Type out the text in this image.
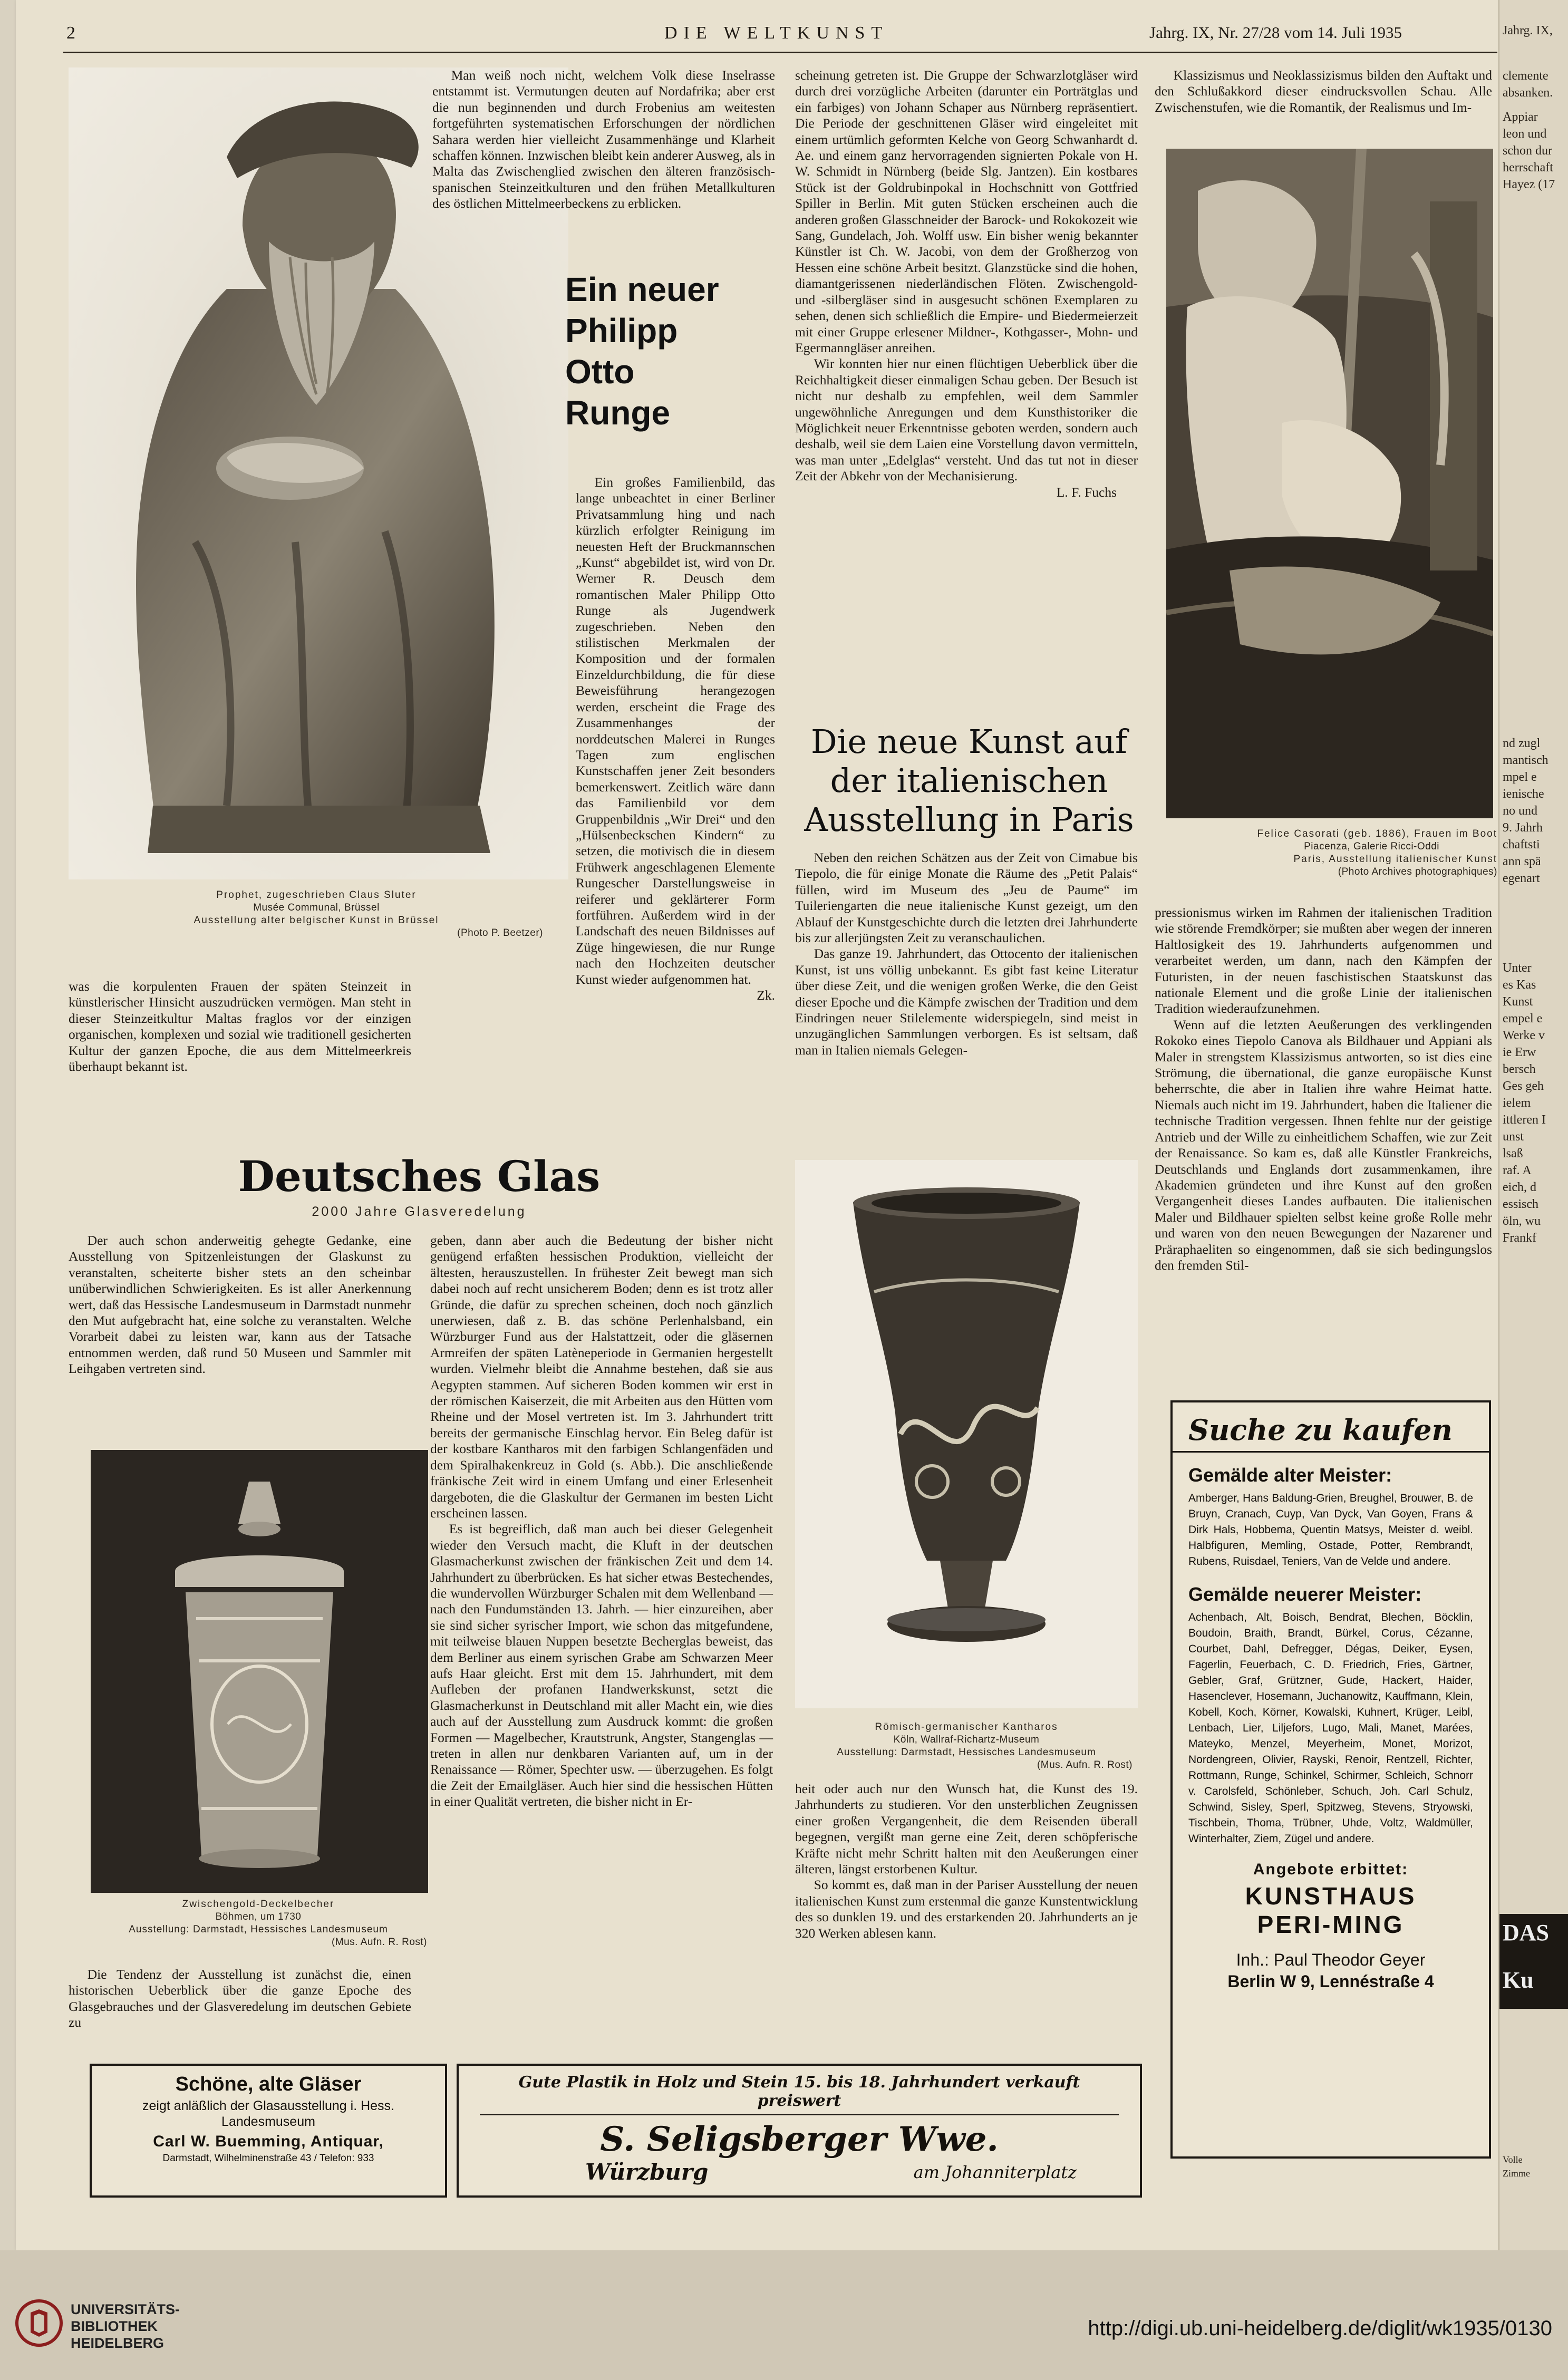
2	DIE WELTKUNST	Jahrg. IX, Nr. 27/28 vom 14. Juli 1935
Prophet, zugeschrieben Claus Sluter
Musée Communal, Brüssel
Ausstellung alter belgischer Kunst in Brüssel
(Photo P. Beetzer)

Man weiß noch nicht, welchem Volk diese Inselrasse entstammt ist. Vermutungen deuten auf Nordafrika; aber erst die nun beginnenden und durch Frobenius am weitesten fortgeführten systematischen Erforschungen der nördlichen Sahara werden hier vielleicht Zusammenhänge und Klarheit schaffen können. Inzwischen bleibt kein anderer Ausweg, als in Malta das Zwischenglied zwischen den älteren französisch-spanischen Steinzeitkulturen und den frühen Metallkulturen des östlichen Mittelmeerbeckens zu erblicken.

Ein neuer
Philipp
Otto
Runge

Ein großes Familienbild, das lange unbeachtet in einer Berliner Privatsammlung hing und nach kürzlich erfolgter Reinigung im neuesten Heft der Bruckmannschen „Kunst“ abgebildet ist, wird von Dr. Werner R. Deusch dem romantischen Maler Philipp Otto Runge als Jugendwerk zugeschrieben. Neben den stilistischen Merkmalen der Komposition und der formalen Einzeldurchbildung, die für diese Beweisführung herangezogen werden, erscheint die Frage des Zusammenhanges der norddeutschen Malerei in Runges Tagen zum englischen Kunstschaffen jener Zeit besonders bemerkenswert. Zeitlich wäre dann das Familienbild vor dem Gruppenbildnis „Wir Drei“ und den „Hülsenbeckschen Kindern“ zu setzen, die motivisch die in diesem Frühwerk angeschlagenen Elemente Rungescher Darstellungsweise in reiferer und geklärterer Form fortführen. Außerdem wird in der Landschaft des neuen Bildnisses auf Züge hingewiesen, die nur Runge nach den Hochzeiten deutscher Kunst wieder aufgenommen hat.

Zk.

was die korpulenten Frauen der späten Steinzeit in künstlerischer Hinsicht auszudrücken vermögen. Man steht in dieser Steinzeitkultur Maltas fraglos vor der einzigen organischen, komplexen und sozial wie traditionell gesicherten Kultur der ganzen Epoche, die aus dem Mittelmeerkreis überhaupt bekannt ist.

scheinung getreten ist. Die Gruppe der Schwarzlotgläser wird durch drei vorzügliche Arbeiten (darunter ein Porträtglas und ein farbiges) von Johann Schaper aus Nürnberg repräsentiert. Die Periode der geschnittenen Gläser wird eingeleitet mit einem urtümlich geformten Kelche von Georg Schwanhardt d. Ae. und einem ganz hervorragenden signierten Pokale von H. W. Schmidt in Nürnberg (beide Slg. Jantzen). Ein kostbares Stück ist der Goldrubinpokal in Hochschnitt von Gottfried Spiller in Berlin. Mit guten Stücken erscheinen auch die anderen großen Glasschneider der Barock- und Rokokozeit wie Sang, Gundelach, Joh. Wolff usw. Ein bisher wenig bekannter Künstler ist Ch. W. Jacobi, von dem der Großherzog von Hessen eine schöne Arbeit besitzt. Glanzstücke sind die hohen, diamantgerissenen niederländischen Flöten. Zwischengold- und -silbergläser sind in ausgesucht schönen Exemplaren zu sehen, denen sich schließlich die Empire- und Biedermeierzeit mit einer Gruppe erlesener Mildner-, Kothgasser-, Mohn- und Egermanngläser anreihen.

Wir konnten hier nur einen flüchtigen Ueberblick über die Reichhaltigkeit dieser einmaligen Schau geben. Der Besuch ist nicht nur deshalb zu empfehlen, weil dem Sammler ungewöhnliche Anregungen und dem Kunsthistoriker die Möglichkeit neuer Erkenntnisse geboten werden, sondern auch deshalb, weil sie dem Laien eine Vorstellung davon vermitteln, was man unter „Edelglas“ versteht. Und das tut not in dieser Zeit der Abkehr von der Mechanisierung.

L. F. Fuchs

Die neue Kunst auf
der italienischen
Ausstellung in Paris

Neben den reichen Schätzen aus der Zeit von Cimabue bis Tiepolo, die für einige Monate die Räume des „Petit Palais“ füllen, wird im Museum des „Jeu de Paume“ im Tuileriengarten die neue italienische Kunst gezeigt, um den Ablauf der Kunstgeschichte durch die letzten drei Jahrhunderte bis zur allerjüngsten Zeit zu veranschaulichen.

Das ganze 19. Jahrhundert, das Ottocento der italienischen Kunst, ist uns völlig unbekannt. Es gibt fast keine Literatur über diese Zeit, und die wenigen großen Werke, die den Geist dieser Epoche und die Kämpfe zwischen der Tradition und dem Eindringen neuer Stilelemente widerspiegeln, sind meist in unzugänglichen Sammlungen verborgen. Es ist seltsam, daß man in Italien niemals Gelegen-

Klassizismus und Neoklassizismus bilden den Auftakt und den Schlußakkord dieser eindrucksvollen Schau. Alle Zwischenstufen, wie die Romantik, der Realismus und Im-

Felice Casorati (geb. 1886), Frauen im Boot
Piacenza, Galerie Ricci-Oddi
Paris, Ausstellung italienischer Kunst
(Photo Archives photographiques)

pressionismus wirken im Rahmen der italienischen Tradition wie störende Fremdkörper; sie mußten aber wegen der inneren Haltlosigkeit des 19. Jahrhunderts aufgenommen und verarbeitet werden, um dann, nach den Kämpfen der Futuristen, in der neuen faschistischen Staatskunst das nationale Element und die große Linie der italienischen Tradition wiederaufzunehmen.

Wenn auf die letzten Aeußerungen des verklingenden Rokoko eines Tiepolo Canova als Bildhauer und Appiani als Maler in strengstem Klassizismus antworten, so ist dies eine Strömung, die übernational, die ganze europäische Kunst beherrschte, die aber in Italien ihre wahre Heimat hatte. Niemals auch nicht im 19. Jahrhundert, haben die Italiener die technische Tradition vergessen. Ihnen fehlte nur der geistige Antrieb und der Wille zu einheitlichem Schaffen, wie zur Zeit der Renaissance. So kam es, daß alle Künstler Frankreichs, Deutschlands und Englands dort zusammenkamen, ihre Akademien gründeten und ihre Kunst auf den großen Vergangenheit dieses Landes aufbauten. Die italienischen Maler und Bildhauer spielten selbst keine große Rolle mehr und waren von den neuen Bewegungen der Nazarener und Präraphaeliten so eingenommen, daß sie sich bedingungslos den fremden Stil-

Deutsches Glas
2000 Jahre Glasveredelung

Der auch schon anderweitig gehegte Gedanke, eine Ausstellung von Spitzenleistungen der Glaskunst zu veranstalten, scheiterte bisher stets an den scheinbar unüberwindlichen Schwierigkeiten. Es ist aller Anerkennung wert, daß das Hessische Landesmuseum in Darmstadt nunmehr den Mut aufgebracht hat, eine solche zu veranstalten. Welche Vorarbeit dabei zu leisten war, kann aus der Tatsache entnommen werden, daß rund 50 Museen und Sammler mit Leihgaben vertreten sind.

Zwischengold-Deckelbecher
Böhmen, um 1730
Ausstellung: Darmstadt, Hessisches Landesmuseum
(Mus. Aufn. R. Rost)

Die Tendenz der Ausstellung ist zunächst die, einen historischen Ueberblick über die ganze Epoche des Glasgebrauches und der Glasveredelung im deutschen Gebiete zu

geben, dann aber auch die Bedeutung der bisher nicht genügend erfaßten hessischen Produktion, vielleicht der ältesten, herauszustellen. In frühester Zeit bewegt man sich dabei noch auf recht unsicherem Boden; denn es ist trotz aller Gründe, die dafür zu sprechen scheinen, doch noch gänzlich unerwiesen, daß z. B. das schöne Perlenhalsband, ein Würzburger Fund aus der Halstattzeit, oder die gläsernen Armreifen der späten Latèneperiode in Germanien hergestellt wurden. Vielmehr bleibt die Annahme bestehen, daß sie aus Aegypten stammen. Auf sicheren Boden kommen wir erst in der römischen Kaiserzeit, die mit Arbeiten aus den Hütten vom Rheine und der Mosel vertreten ist. Im 3. Jahrhundert tritt bereits der germanische Einschlag hervor. Ein Beleg dafür ist der kostbare Kantharos mit den farbigen Schlangenfäden und dem Spiralhakenkreuz in Gold (s. Abb.). Die anschließende fränkische Zeit wird in einem Umfang und einer Erlesenheit dargeboten, die die Glaskultur der Germanen im besten Licht erscheinen lassen.

Es ist begreiflich, daß man auch bei dieser Gelegenheit wieder den Versuch macht, die Kluft in der deutschen Glasmacherkunst zwischen der fränkischen Zeit und dem 14. Jahrhundert zu überbrücken. Es hat sicher etwas Bestechendes, die wundervollen Würzburger Schalen mit dem Wellenband — nach den Fundumständen 13. Jahrh. — hier einzureihen, aber sie sind sicher syrischer Import, wie schon das mitgefundene, mit teilweise blauen Nuppen besetzte Becherglas beweist, das dem Berliner aus einem syrischen Grabe am Schwarzen Meer aufs Haar gleicht. Erst mit dem 15. Jahrhundert, mit dem Aufleben der profanen Handwerkskunst, setzt die Glasmacherkunst in Deutschland mit aller Macht ein, wie dies auch auf der Ausstellung zum Ausdruck kommt: die großen Formen — Magelbecher, Krautstrunk, Angster, Stangenglas — treten in allen nur denkbaren Varianten auf, um in der Renaissance — Römer, Spechter usw. — überzugehen. Es folgt die Zeit der Emailgläser. Auch hier sind die hessischen Hütten in einer Qualität vertreten, die bisher nicht in Er-

Römisch-germanischer Kantharos
Köln, Wallraf-Richartz-Museum
Ausstellung: Darmstadt, Hessisches Landesmuseum
(Mus. Aufn. R. Rost)

heit oder auch nur den Wunsch hat, die Kunst des 19. Jahrhunderts zu studieren. Vor den unsterblichen Zeugnissen einer großen Vergangenheit, die dem Reisenden überall begegnen, vergißt man gerne eine Zeit, deren schöpferische Kräfte nicht mehr Schritt halten mit den Aeußerungen einer älteren, längst erstorbenen Kultur.

So kommt es, daß man in der Pariser Ausstellung der neuen italienischen Kunst zum erstenmal die ganze Kunstentwicklung des so dunklen 19. und des erstarkenden 20. Jahrhunderts an je 320 Werken ablesen kann.

Suche zu kaufen
Gemälde alter Meister:
Amberger, Hans Baldung-Grien, Breughel, Brouwer, B. de Bruyn, Cranach, Cuyp, Van Dyck, Van Goyen, Frans & Dirk Hals, Hobbema, Quentin Matsys, Meister d. weibl. Halbfiguren, Memling, Ostade, Potter, Rembrandt, Rubens, Ruisdael, Teniers, Van de Velde und andere.
Gemälde neuerer Meister:
Achenbach, Alt, Boisch, Bendrat, Blechen, Böcklin, Boudoin, Braith, Brandt, Bürkel, Corus, Cézanne, Courbet, Dahl, Defregger, Dégas, Deiker, Eysen, Fagerlin, Feuerbach, C. D. Friedrich, Fries, Gärtner, Gebler, Graf, Grützner, Gude, Hackert, Haider, Hasenclever, Hosemann, Juchanowitz, Kauffmann, Klein, Kobell, Koch, Körner, Kowalski, Kuhnert, Krüger, Leibl, Lenbach, Lier, Liljefors, Lugo, Mali, Manet, Marées, Mateyko, Menzel, Meyerheim, Monet, Morizot, Nordengreen, Olivier, Rayski, Renoir, Rentzell, Richter, Rottmann, Runge, Schinkel, Schirmer, Schleich, Schnorr v. Carolsfeld, Schönleber, Schuch, Joh. Carl Schulz, Schwind, Sisley, Sperl, Spitzweg, Stevens, Stryowski, Tischbein, Thoma, Trübner, Uhde, Voltz, Waldmüller, Winterhalter, Ziem, Zügel und andere.
Angebote erbittet:
KUNSTHAUS
PERI-MING
Inh.: Paul Theodor Geyer
Berlin W 9, Lennéstraße 4
Schöne, alte Gläser
zeigt anläßlich der Glasausstellung i. Hess. Landesmuseum
Carl W. Buemming, Antiquar,
Darmstadt, Wilhelminenstraße 43 / Telefon: 933
Gute Plastik in Holz und Stein 15. bis 18. Jahrhundert verkauft preiswert
S. Seligsberger Wwe.
Würzburg	am Johanniterplatz
Jahrg. IX,
clemente
absanken.
Appiar
leon und
schon dur
herrschaft
Hayez (17
nd zugl
mantisch
mpel e
ienische
no und
9. Jahrh
chaftsti
ann spä
egenart
Unter
es Kas
Kunst
empel e
Werke v
ie Erw
bersch
Ges geh
ielem
ittleren I
unst
lsaß
raf. A
eich, d
essisch
öln, wu
Frankf
DAS
Ku
Volle
Zimme
UNIVERSITÄTS-
BIBLIOTHEK
HEIDELBERG
http://digi.ub.uni-heidelberg.de/diglit/wk1935/0130
